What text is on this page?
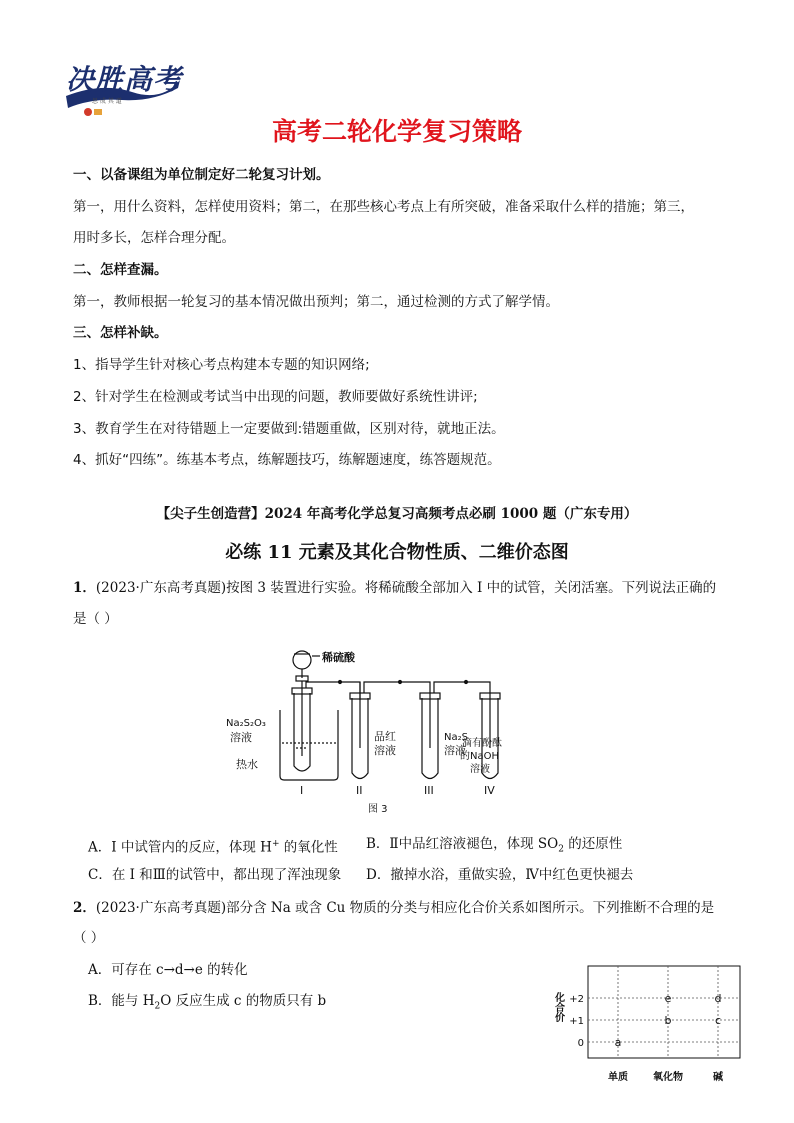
决胜高考
思 成 其 道
高考二轮化学复习策略
一、以备课组为单位制定好二轮复习计划。
第一，用什么资料，怎样使用资料；第二，在那些核心考点上有所突破，准备采取什么样的措施；第三，
用时多长，怎样合理分配。
二、怎样查漏。
第一，教师根据一轮复习的基本情况做出预判；第二，通过检测的方式了解学情。
三、怎样补缺。
1、指导学生针对核心考点构建本专题的知识网络;
2、针对学生在检测或考试当中出现的问题，教师要做好系统性讲评;
3、教育学生在对待错题上一定要做到:错题重做，区别对待，就地正法。
4、抓好“四练”。练基本考点，练解题技巧，练解题速度，练答题规范。
【尖子生创造营】2024 年高考化学总复习高频考点必刷 1000 题（广东专用）
必练 11 元素及其化合物性质、二维价态图
1．(2023·广东高考真题)按图 3 装置进行实验。将稀硫酸全部加入 I 中的试管，关闭活塞。下列说法正确的
是（ ）
稀硫酸
Na₂S₂O₃
溶液
热水
品红
溶液
Na₂S
溶液
滴有酚酞
的NaOH
溶液
I	II	III	IV
图 3
A．I 中试管内的反应，体现 H+ 的氧化性 B．Ⅱ中品红溶液褪色，体现 $SO_2$ 的还原性
C．在 I 和Ⅲ的试管中，都出现了浑浊现象 D．撤掉水浴，重做实验，Ⅳ中红色更快褪去
2．(2023·广东高考真题)部分含 Na 或含 Cu 物质的分类与相应化合价关系如图所示。下列推断不合理的是
（ ）
A．可存在 c→d→e 的转化
B．能与 $H_2O$ 反应生成 c 的物质只有 b
单质	氧化物	碱
+2
+1
0
化合价
a
b	c
e	d
